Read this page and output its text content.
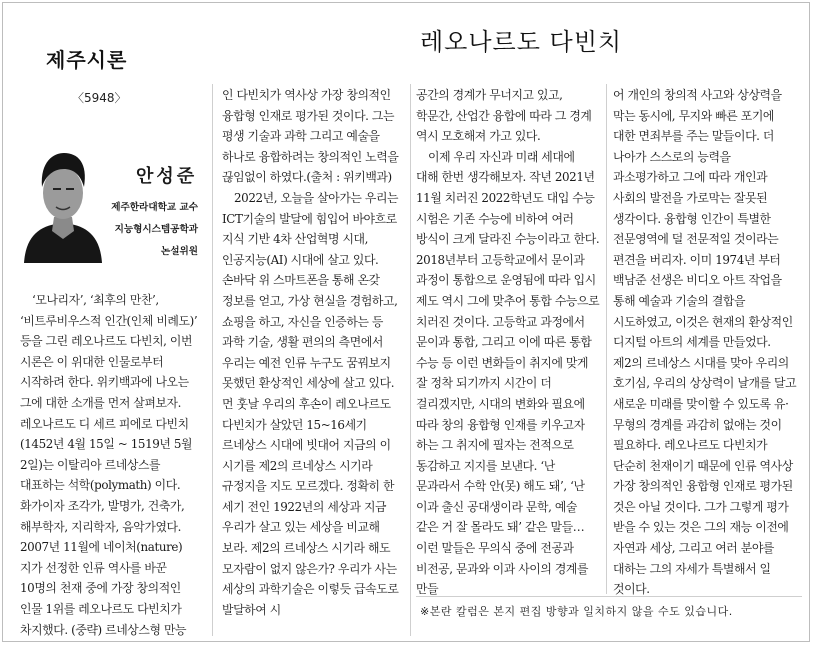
제주시론
〈5948〉
레오나르도 다빈치
안성준
제주한라대학교 교수
지능형시스템공학과
논설위원

‘모나리자’, ‘최후의 만찬’, ‘비트루비우스적 인간(인체 비례도)’ 등을 그린 레오나르도 다빈치, 이번 시론은 이 위대한 인물로부터 시작하려 한다. 위키백과에 나오는 그에 대한 소개를 먼저 살펴보자. 레오나르도 디 세르 피에로 다빈치(1452년 4월 15일 ~ 1519년 5월 2일)는 이탈리아 르네상스를 대표하는 석학(polymath) 이다. 화가이자 조각가, 발명가, 건축가, 해부학자, 지리학자, 음악가였다. 2007년 11월에 네이처(nature)지가 선정한 인류 역사를 바꾼 10명의 천재 중에 가장 창의적인 인물 1위를 레오나르도 다빈치가 차지했다. (중략) 르네상스형 만능

인 다빈치가 역사상 가장 창의적인 융합형 인재로 평가된 것이다. 그는 평생 기술과 과학 그리고 예술을 하나로 융합하려는 창의적인 노력을 끊임없이 하였다.(출처 : 위키백과)

2022년, 오늘을 살아가는 우리는 ICT기술의 발달에 힘입어 바야흐로 지식 기반 4차 산업혁명 시대, 인공지능(AI) 시대에 살고 있다. 손바닥 위 스마트폰을 통해 온갖 정보를 얻고, 가상 현실을 경험하고, 쇼핑을 하고, 자신을 인증하는 등 과학 기술, 생활 편의의 측면에서 우리는 예전 인류 누구도 꿈꿔보지 못했던 환상적인 세상에 살고 있다. 먼 훗날 우리의 후손이 레오나르도 다빈치가 살았던 15~16세기 르네상스 시대에 빗대어 지금의 이 시기를 제2의 르네상스 시기라 규정지을 지도 모르겠다. 정확히 한 세기 전인 1922년의 세상과 지금 우리가 살고 있는 세상을 비교해 보라. 제2의 르네상스 시기라 해도 모자람이 없지 않은가? 우리가 사는 세상의 과학기술은 이렇듯 급속도로 발달하여 시

공간의 경계가 무너지고 있고, 학문간, 산업간 융합에 따라 그 경계 역시 모호해져 가고 있다.

이제 우리 자신과 미래 세대에 대해 한번 생각해보자. 작년 2021년 11월 치러진 2022학년도 대입 수능 시험은 기존 수능에 비하여 여러 방식이 크게 달라진 수능이라고 한다. 2018년부터 고등학교에서 문이과 과정이 통합으로 운영됨에 따라 입시 제도 역시 그에 맞추어 통합 수능으로 치러진 것이다. 고등학교 과정에서 문이과 통합, 그리고 이에 따른 통합 수능 등 이런 변화들이 취지에 맞게 잘 정착 되기까지 시간이 더 걸리겠지만, 시대의 변화와 필요에 따라 창의 융합형 인재를 키우고자 하는 그 취지에 필자는 전적으로 동감하고 지지를 보낸다. ‘난 문과라서 수학 안(못) 해도 돼’, ‘난 이과 출신 공대생이라 문학, 예술 같은 거 잘 몰라도 돼’ 같은 말들… 이런 말들은 무의식 중에 전공과 비전공, 문과와 이과 사이의 경계를 만들

어 개인의 창의적 사고와 상상력을 막는 동시에, 무지와 빠른 포기에 대한 면죄부를 주는 말들이다. 더 나아가 스스로의 능력을 과소평가하고 그에 따라 개인과 사회의 발전을 가로막는 잘못된 생각이다. 융합형 인간이 특별한 전문영역에 덜 전문적일 것이라는 편견을 버리자. 이미 1974년 부터 백남준 선생은 비디오 아트 작업을 통해 예술과 기술의 결합을 시도하였고, 이것은 현재의 환상적인 디지털 아트의 세계를 만들었다. 제2의 르네상스 시대를 맞아 우리의 호기심, 우리의 상상력이 날개를 달고 새로운 미래를 맞이할 수 있도록 유·무형의 경계를 과감히 없애는 것이 필요하다. 레오나르도 다빈치가 단순히 천재이기 때문에 인류 역사상 가장 창의적인 융합형 인재로 평가된 것은 아닐 것이다. 그가 그렇게 평가 받을 수 있는 것은 그의 재능 이전에 자연과 세상, 그리고 여러 분야를 대하는 그의 자세가 특별해서 일 것이다.

※본란 칼럼은 본지 편집 방향과 일치하지 않을 수도 있습니다.
